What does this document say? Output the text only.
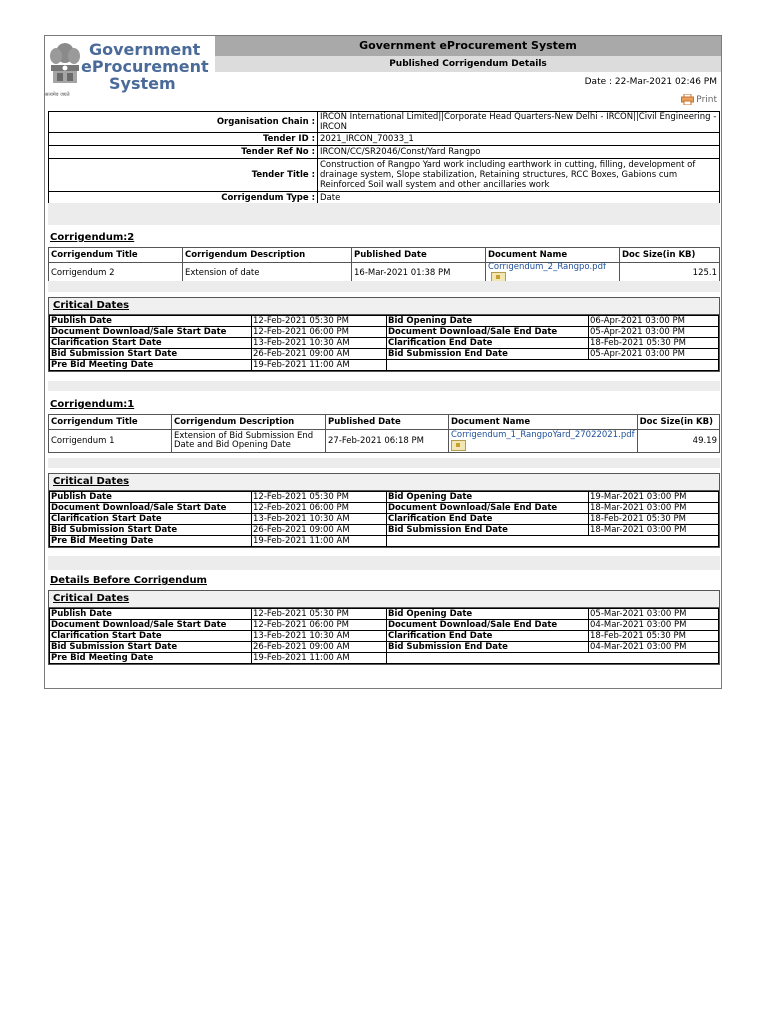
सत्यमेव जयते
Government
eProcurement
System
Government eProcurement System
Published Corrigendum Details
Date : 22-Mar-2021 02:46 PM
Print
Organisation Chain :	IRCON International Limited||Corporate Head Quarters-New Delhi - IRCON||Civil Engineering - IRCON
Tender ID :	2021_IRCON_70033_1
Tender Ref No :	IRCON/CC/SR2046/Const/Yard Rangpo
Tender Title :	Construction of Rangpo Yard work including earthwork in cutting, filling, development of drainage system, Slope stabilization, Retaining structures, RCC Boxes, Gabions cum Reinforced Soil wall system and other ancillaries work
Corrigendum Type :	Date
Corrigendum:2
Corrigendum Title	Corrigendum Description	Published Date	Document Name	Doc Size(in KB)
Corrigendum 2	Extension of date	16-Mar-2021 01:38 PM	Corrigendum_2_Rangpo.pdf	125.1
Critical Dates
Publish Date	12-Feb-2021 05:30 PM	Bid Opening Date	06-Apr-2021 03:00 PM
Document Download/Sale Start Date	12-Feb-2021 06:00 PM	Document Download/Sale End Date	05-Apr-2021 03:00 PM
Clarification Start Date	13-Feb-2021 10:30 AM	Clarification End Date	18-Feb-2021 05:30 PM
Bid Submission Start Date	26-Feb-2021 09:00 AM	Bid Submission End Date	05-Apr-2021 03:00 PM
Pre Bid Meeting Date	19-Feb-2021 11:00 AM		
Corrigendum:1
Corrigendum Title	Corrigendum Description	Published Date	Document Name	Doc Size(in KB)
Corrigendum 1	Extension of Bid Submission End Date and Bid Opening Date	27-Feb-2021 06:18 PM	Corrigendum_1_RangpoYard_27022021.pdf	49.19
Critical Dates
Publish Date	12-Feb-2021 05:30 PM	Bid Opening Date	19-Mar-2021 03:00 PM
Document Download/Sale Start Date	12-Feb-2021 06:00 PM	Document Download/Sale End Date	18-Mar-2021 03:00 PM
Clarification Start Date	13-Feb-2021 10:30 AM	Clarification End Date	18-Feb-2021 05:30 PM
Bid Submission Start Date	26-Feb-2021 09:00 AM	Bid Submission End Date	18-Mar-2021 03:00 PM
Pre Bid Meeting Date	19-Feb-2021 11:00 AM		
Details Before Corrigendum
Critical Dates
Publish Date	12-Feb-2021 05:30 PM	Bid Opening Date	05-Mar-2021 03:00 PM
Document Download/Sale Start Date	12-Feb-2021 06:00 PM	Document Download/Sale End Date	04-Mar-2021 03:00 PM
Clarification Start Date	13-Feb-2021 10:30 AM	Clarification End Date	18-Feb-2021 05:30 PM
Bid Submission Start Date	26-Feb-2021 09:00 AM	Bid Submission End Date	04-Mar-2021 03:00 PM
Pre Bid Meeting Date	19-Feb-2021 11:00 AM		
